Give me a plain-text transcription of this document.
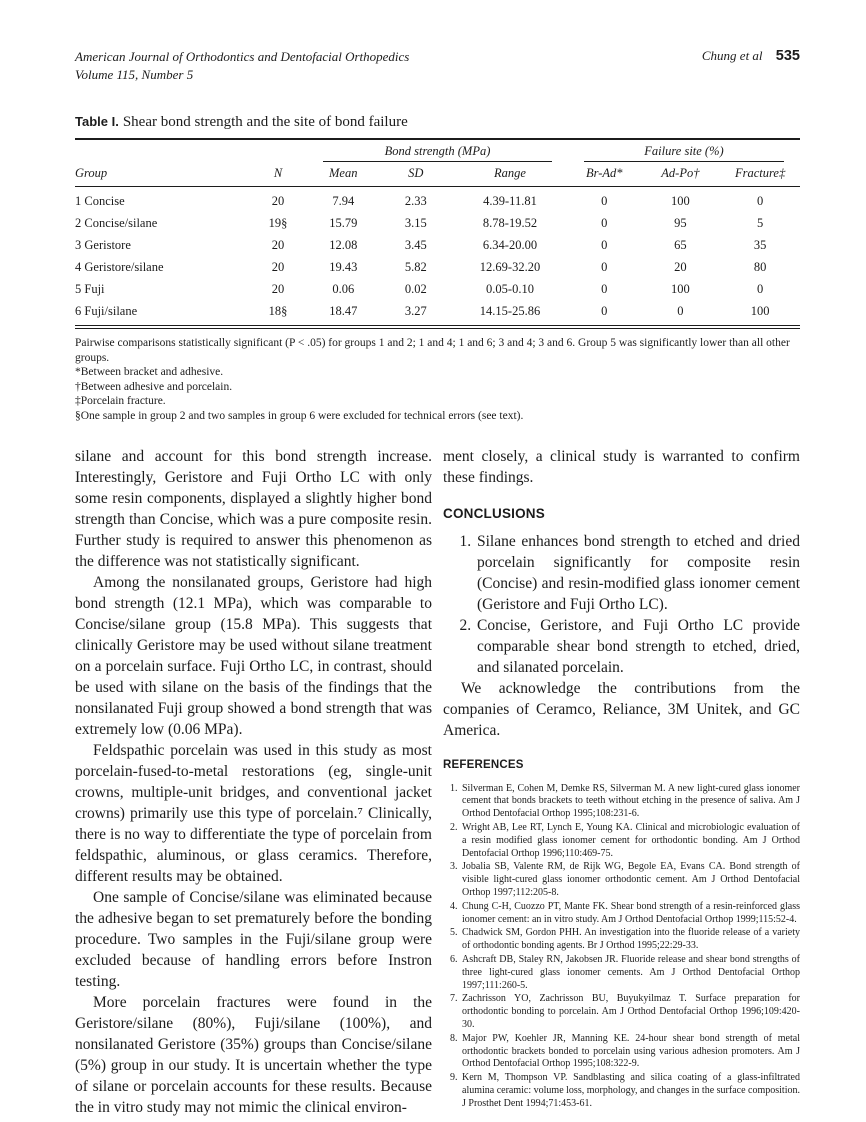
American Journal of Orthodontics and Dentofacial Orthopedics
Volume 115, Number 5
Chung et al 535
Table I. Shear bond strength and the site of bond failure

		Bond strength (MPa)			Failure site (%)		

Group	N	Mean	SD	Range	Br-Ad*	Ad-Po†	Fracture‡
1 Concise	20	7.94	2.33	4.39-11.81	0	100	0
2 Concise/silane	19§	15.79	3.15	8.78-19.52	0	95	5
3 Geristore	20	12.08	3.45	6.34-20.00	0	65	35
4 Geristore/silane	20	19.43	5.82	12.69-32.20	0	20	80
5 Fuji	20	0.06	0.02	0.05-0.10	0	100	0
6 Fuji/silane	18§	18.47	3.27	14.15-25.86	0	0	100
Pairwise comparisons statistically significant (P < .05) for groups 1 and 2; 1 and 4; 1 and 6; 3 and 4; 3 and 6. Group 5 was significantly lower than all other groups.
*Between bracket and adhesive.
†Between adhesive and porcelain.
‡Porcelain fracture.
§One sample in group 2 and two samples in group 6 were excluded for technical errors (see text).

silane and account for this bond strength increase. Interestingly, Geristore and Fuji Ortho LC with only some resin components, displayed a slightly higher bond strength than Concise, which was a pure composite resin. Further study is required to answer this phenomenon as the difference was not statistically significant.

Among the nonsilanated groups, Geristore had high bond strength (12.1 MPa), which was comparable to Concise/silane group (15.8 MPa). This suggests that clinically Geristore may be used without silane treatment on a porcelain surface. Fuji Ortho LC, in contrast, should be used with silane on the basis of the findings that the nonsilanated Fuji group showed a bond strength that was extremely low (0.06 MPa).

Feldspathic porcelain was used in this study as most porcelain-fused-to-metal restorations (eg, single-unit crowns, multiple-unit bridges, and conventional jacket crowns) primarily use this type of porcelain.⁷ Clinically, there is no way to differentiate the type of porcelain from feldspathic, aluminous, or glass ceramics. Therefore, different results may be obtained.

One sample of Concise/silane was eliminated because the adhesive began to set prematurely before the bonding procedure. Two samples in the Fuji/silane group were excluded because of handling errors before Instron testing.

More porcelain fractures were found in the Geristore/silane (80%), Fuji/silane (100%), and nonsilanated Geristore (35%) groups than Concise/silane (5%) group in our study. It is uncertain whether the type of silane or porcelain accounts for these results. Because the in vitro study may not mimic the clinical environ-

ment closely, a clinical study is warranted to confirm these findings.

CONCLUSIONS
1. Silane enhances bond strength to etched and dried porcelain significantly for composite resin (Concise) and resin-modified glass ionomer cement (Geristore and Fuji Ortho LC).
2. Concise, Geristore, and Fuji Ortho LC provide comparable shear bond strength to etched, dried, and silanated porcelain.

We acknowledge the contributions from the companies of Ceramco, Reliance, 3M Unitek, and GC America.

REFERENCES
1. Silverman E, Cohen M, Demke RS, Silverman M. A new light-cured glass ionomer cement that bonds brackets to teeth without etching in the presence of saliva. Am J Orthod Dentofacial Orthop 1995;108:231-6.
2. Wright AB, Lee RT, Lynch E, Young KA. Clinical and microbiologic evaluation of a resin modified glass ionomer cement for orthodontic bonding. Am J Orthod Dentofacial Orthop 1996;110:469-75.
3. Jobalia SB, Valente RM, de Rijk WG, Begole EA, Evans CA. Bond strength of visible light-cured glass ionomer orthodontic cement. Am J Orthod Dentofacial Orthop 1997;112:205-8.
4. Chung C-H, Cuozzo PT, Mante FK. Shear bond strength of a resin-reinforced glass ionomer cement: an in vitro study. Am J Orthod Dentofacial Orthop 1999;115:52-4.
5. Chadwick SM, Gordon PHH. An investigation into the fluoride release of a variety of orthodontic bonding agents. Br J Orthod 1995;22:29-33.
6. Ashcraft DB, Staley RN, Jakobsen JR. Fluoride release and shear bond strengths of three light-cured glass ionomer cements. Am J Orthod Dentofacial Orthop 1997;111:260-5.
7. Zachrisson YO, Zachrisson BU, Buyukyilmaz T. Surface preparation for orthodontic bonding to porcelain. Am J Orthod Dentofacial Orthop 1996;109:420-30.
8. Major PW, Koehler JR, Manning KE. 24-hour shear bond strength of metal orthodontic brackets bonded to porcelain using various adhesion promoters. Am J Orthod Dentofacial Orthop 1995;108:322-9.
9. Kern M, Thompson VP. Sandblasting and silica coating of a glass-infiltrated alumina ceramic: volume loss, morphology, and changes in the surface composition. J Prosthet Dent 1994;71:453-61.
